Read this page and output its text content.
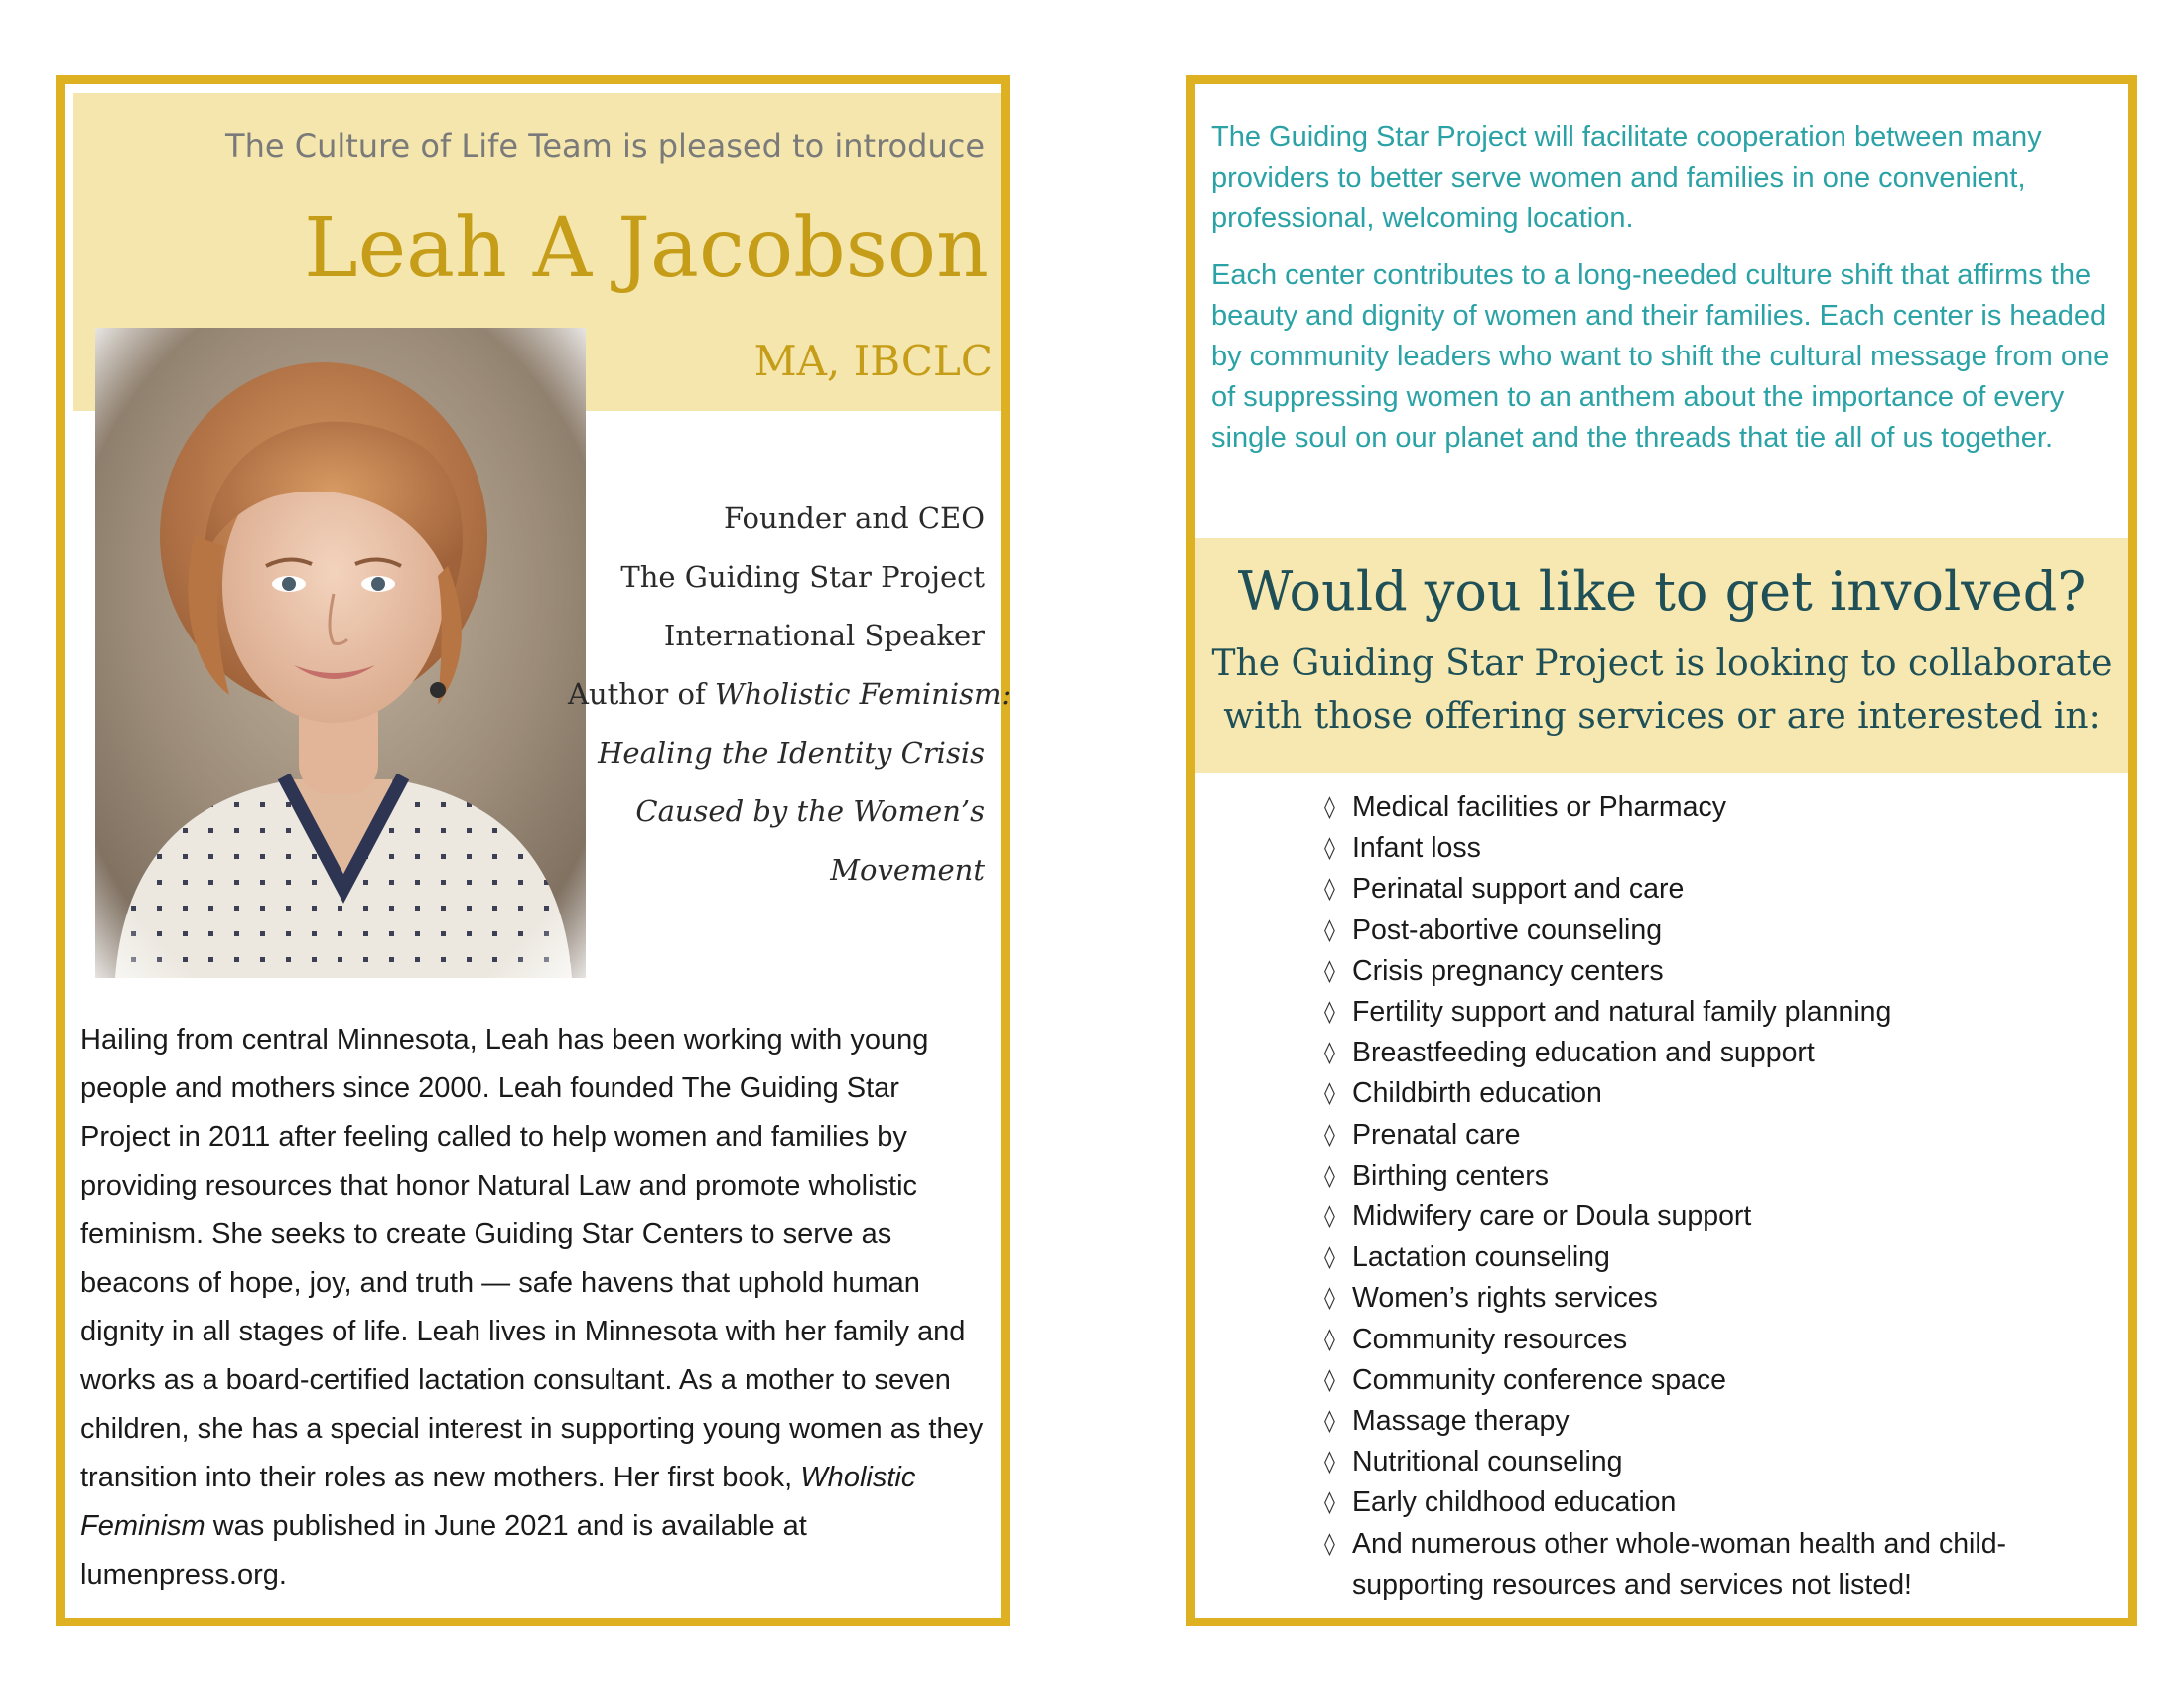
The Culture of Life Team is pleased to introduce
Leah A Jacobson
MA, IBCLC
Founder and CEO
The Guiding Star Project
International Speaker
Author of Wholistic Feminism:
Healing the Identity Crisis
Caused by the Women’s
Movement
Hailing from central Minnesota, Leah has been working with young people and mothers since 2000. Leah founded The Guiding Star Project in 2011 after feeling called to help women and families by providing resources that honor Natural Law and promote wholistic feminism. She seeks to create Guiding Star Centers to serve as beacons of hope, joy, and truth — safe havens that uphold human dignity in all stages of life. Leah lives in Minnesota with her family and works as a board-certified lactation consultant. As a mother to seven children, she has a special interest in supporting young women as they transition into their roles as new mothers. Her first book, Wholistic Feminism was published in June 2021 and is available at lumenpress.org.

The Guiding Star Project will facilitate cooperation between many providers to better serve women and families in one convenient, professional, welcoming location.

Each center contributes to a long-needed culture shift that affirms the beauty and dignity of women and their families. Each center is headed by community leaders who want to shift the cultural message from one of suppressing women to an anthem about the importance of every single soul on our planet and the threads that tie all of us together.

Would you like to get involved?
The Guiding Star Project is looking to collaborate with those offering services or are interested in:
◊ Medical facilities or Pharmacy
◊ Infant loss
◊ Perinatal support and care
◊ Post-abortive counseling
◊ Crisis pregnancy centers
◊ Fertility support and natural family planning
◊ Breastfeeding education and support
◊ Childbirth education
◊ Prenatal care
◊ Birthing centers
◊ Midwifery care or Doula support
◊ Lactation counseling
◊ Women’s rights services
◊ Community resources
◊ Community conference space
◊ Massage therapy
◊ Nutritional counseling
◊ Early childhood education
◊ And numerous other whole-woman health and child-supporting resources and services not listed!
